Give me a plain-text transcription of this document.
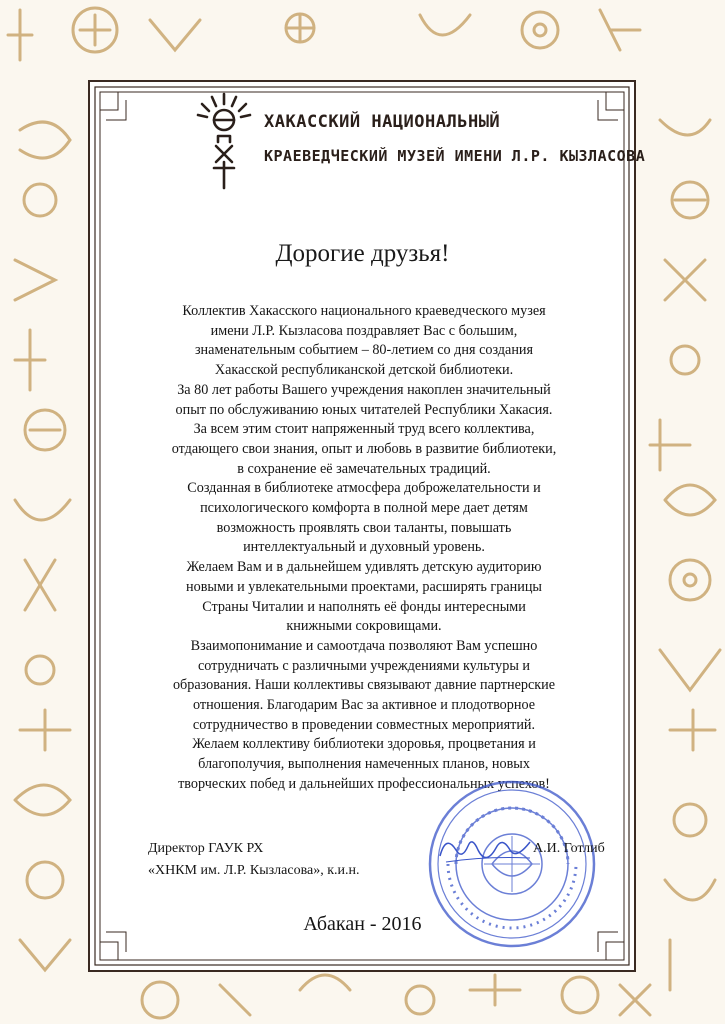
ХАКАССКИЙ НАЦИОНАЛЬНЫЙ
КРАЕВЕДЧЕСКИЙ МУЗЕЙ ИМЕНИ Л.Р. КЫЗЛАСОВА
Дорогие друзья!

Коллектив Хакасского национального краеведческого музея

имени Л.Р. Кызласова поздравляет Вас с большим,

знаменательным событием – 80-летием со дня создания

Хакасской республиканской детской библиотеки.

За 80 лет работы Вашего учреждения накоплен значительный

опыт по обслуживанию юных читателей Республики Хакасия.

За всем этим стоит напряженный труд всего коллектива,

отдающего свои знания, опыт и любовь в развитие библиотеки,

в сохранение её замечательных традиций.

Созданная в библиотеке атмосфера доброжелательности и

психологического комфорта в полной мере дает детям

возможность проявлять свои таланты, повышать

интеллектуальный и духовный уровень.

Желаем Вам и в дальнейшем удивлять детскую аудиторию

новыми и увлекательными проектами, расширять границы

Страны Читалии и наполнять её фонды интересными

книжными сокровищами.

Взаимопонимание и самоотдача позволяют Вам успешно

сотрудничать с различными учреждениями культуры и

образования. Наши коллективы связывают давние партнерские

отношения. Благодарим Вас за активное и плодотворное

сотрудничество в проведении совместных мероприятий.

Желаем коллективу библиотеки здоровья, процветания и

благополучия, выполнения намеченных планов, новых

творческих побед и дальнейших профессиональных успехов!

Директор ГАУК РХ
«ХНКМ им. Л.Р. Кызласова», к.и.н.
А.И. Готлиб
Абакан - 2016
